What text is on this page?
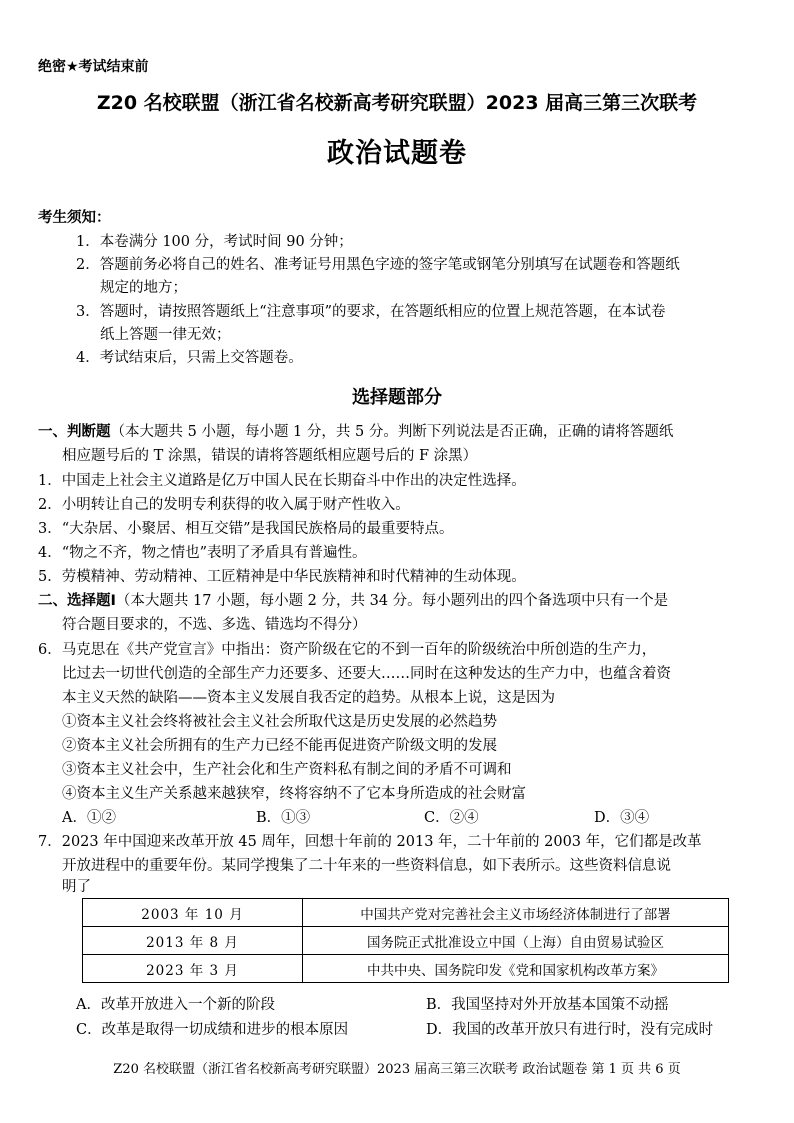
绝密★考试结束前
Z20 名校联盟（浙江省名校新高考研究联盟）2023 届高三第三次联考
政治试题卷
考生须知：
1．本卷满分 100 分，考试时间 90 分钟；
2．答题前务必将自己的姓名、准考证号用黑色字迹的签字笔或钢笔分别填写在试题卷和答题纸
规定的地方；
3．答题时，请按照答题纸上“注意事项”的要求，在答题纸相应的位置上规范答题，在本试卷
纸上答题一律无效；
4．考试结束后，只需上交答题卷。
选择题部分
一、判断题（本大题共 5 小题，每小题 1 分，共 5 分。判断下列说法是否正确，正确的请将答题纸
相应题号后的 T 涂黑，错误的请将答题纸相应题号后的 F 涂黑）
1．中国走上社会主义道路是亿万中国人民在长期奋斗中作出的决定性选择。
2．小明转让自己的发明专利获得的收入属于财产性收入。
3．“大杂居、小聚居、相互交错”是我国民族格局的最重要特点。
4．“物之不齐，物之情也”表明了矛盾具有普遍性。
5．劳模精神、劳动精神、工匠精神是中华民族精神和时代精神的生动体现。
二、选择题Ⅰ（本大题共 17 小题，每小题 2 分，共 34 分。每小题列出的四个备选项中只有一个是
符合题目要求的，不选、多选、错选均不得分）
6．马克思在《共产党宣言》中指出：资产阶级在它的不到一百年的阶级统治中所创造的生产力，
比过去一切世代创造的全部生产力还要多、还要大……同时在这种发达的生产力中，也蕴含着资
本主义天然的缺陷——资本主义发展自我否定的趋势。从根本上说，这是因为
①资本主义社会终将被社会主义社会所取代这是历史发展的必然趋势
②资本主义社会所拥有的生产力已经不能再促进资产阶级文明的发展
③资本主义社会中，生产社会化和生产资料私有制之间的矛盾不可调和
④资本主义生产关系越来越狭窄，终将容纳不了它本身所造成的社会财富
A．①②	B．①③	C．②④	D．③④
7．2023 年中国迎来改革开放 45 周年，回想十年前的 2013 年，二十年前的 2003 年，它们都是改革
开放进程中的重要年份。某同学搜集了二十年来的一些资料信息，如下表所示。这些资料信息说
明了
2003 年 10 月	中国共产党对完善社会主义市场经济体制进行了部署
2013 年 8 月	国务院正式批准设立中国（上海）自由贸易试验区
2023 年 3 月	中共中央、国务院印发《党和国家机构改革方案》
A．改革开放进入一个新的阶段	B．我国坚持对外开放基本国策不动摇
C．改革是取得一切成绩和进步的根本原因	D．我国的改革开放只有进行时，没有完成时
Z20 名校联盟（浙江省名校新高考研究联盟）2023 届高三第三次联考 政治试题卷 第 1 页 共 6 页
